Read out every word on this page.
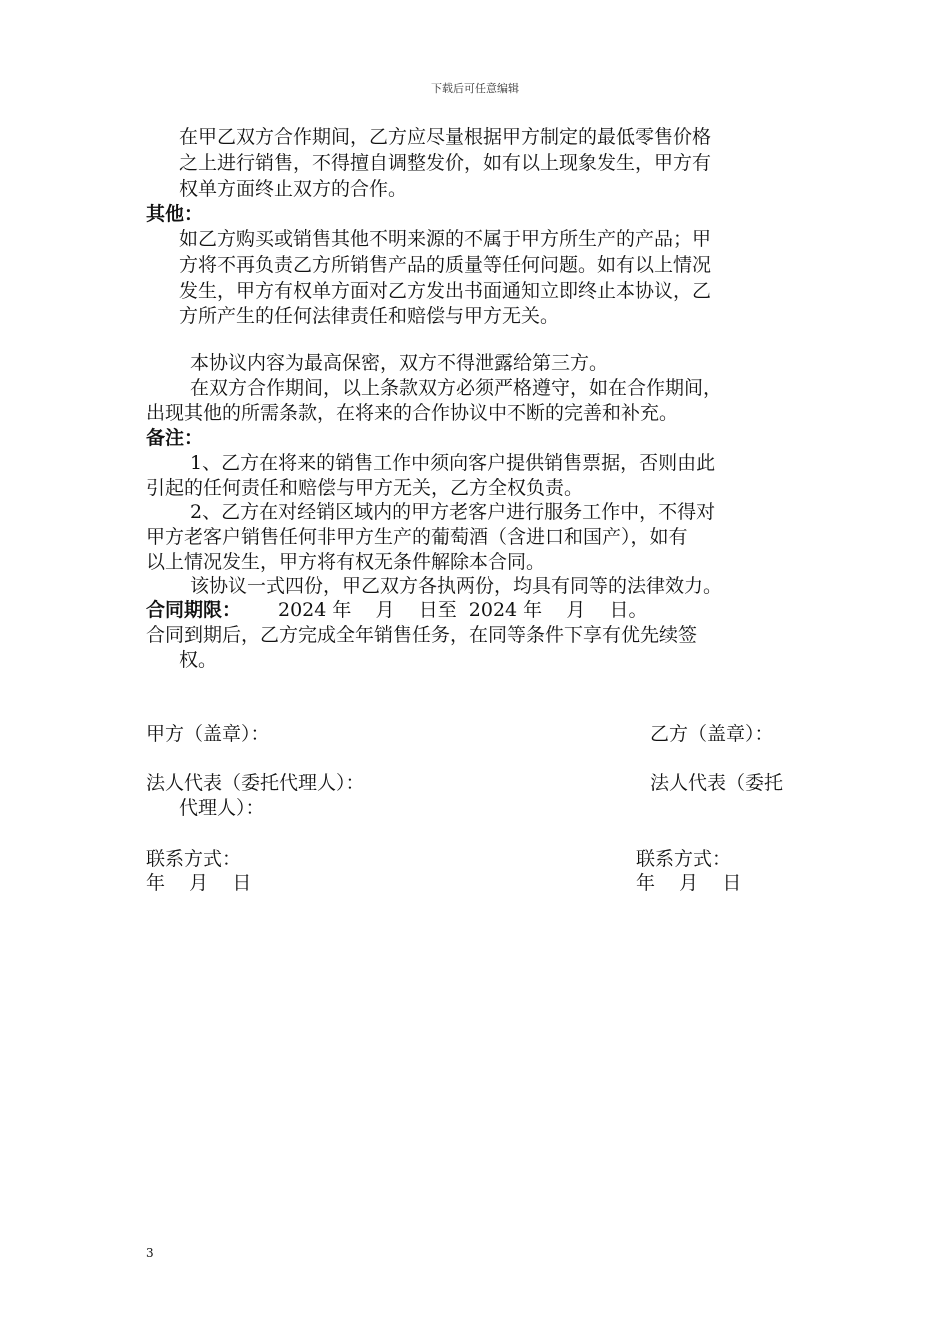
下载后可任意编辑
在甲乙双方合作期间，乙方应尽量根据甲方制定的最低零售价格
之上进行销售，不得擅自调整发价，如有以上现象发生，甲方有
权单方面终止双方的合作。
其他：
如乙方购买或销售其他不明来源的不属于甲方所生产的产品；甲
方将不再负责乙方所销售产品的质量等任何问题。如有以上情况
发生，甲方有权单方面对乙方发出书面通知立即终止本协议，乙
方所产生的任何法律责任和赔偿与甲方无关。
本协议内容为最高保密，双方不得泄露给第三方。
在双方合作期间，以上条款双方必须严格遵守，如在合作期间，
出现其他的所需条款，在将来的合作协议中不断的完善和补充。
备注：
1、乙方在将来的销售工作中须向客户提供销售票据，否则由此
引起的任何责任和赔偿与甲方无关，乙方全权负责。
2、乙方在对经销区域内的甲方老客户进行服务工作中，不得对
甲方老客户销售任何非甲方生产的葡萄酒（含进口和国产），如有
以上情况发生，甲方将有权无条件解除本合同。
该协议一式四份，甲乙双方各执两份，均具有同等的法律效力。
合同期限： 2024 年    月    日至  2024 年    月    日。
合同到期后，乙方完成全年销售任务，在同等条件下享有优先续签
权。
甲方（盖章）：	乙方（盖章）：
法人代表（委托代理人）：	法人代表（委托
代理人）：
联系方式：	联系方式：
年    月    日	年    月    日
3
